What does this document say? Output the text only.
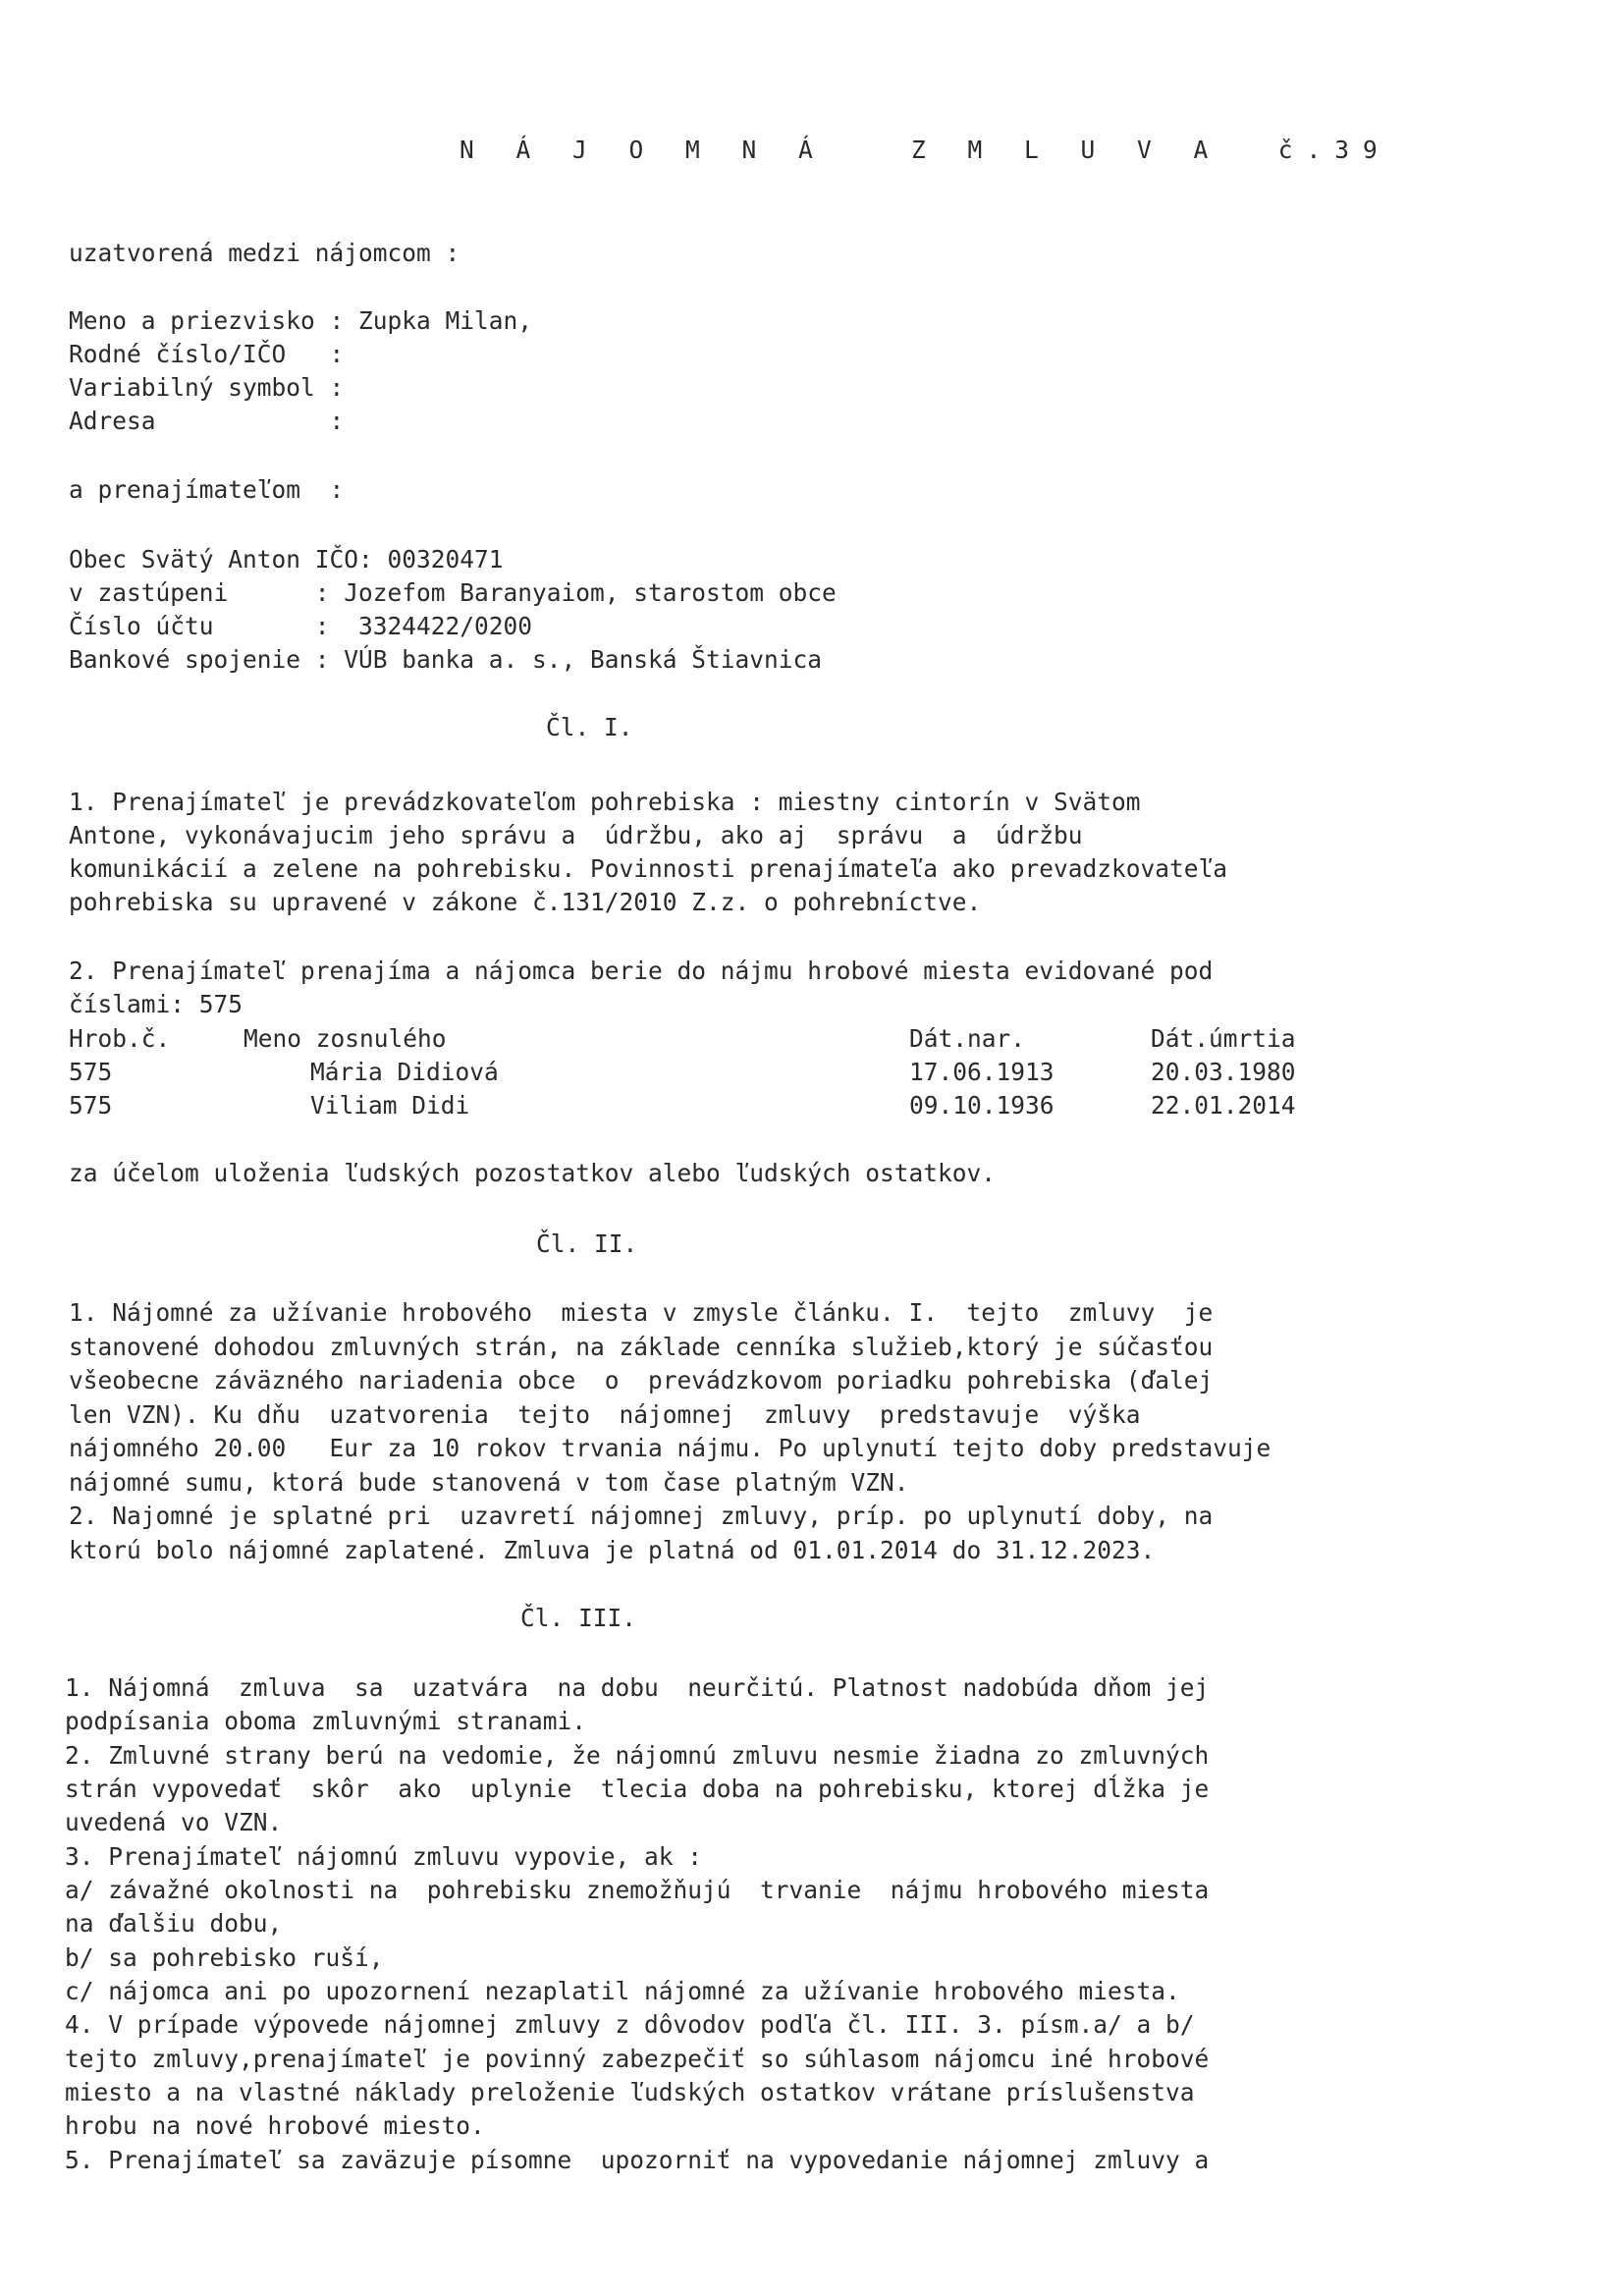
N Á J O M N Á   Z M L U V A  č.39
uzatvorená medzi nájomcom :
Meno a priezvisko : Zupka Milan,
Rodné číslo/IČO   :
Variabilný symbol :
Adresa            :
a prenajímateľom  :
Obec Svätý Anton IČO: 00320471
v zastúpeni      : Jozefom Baranyaiom, starostom obce
Číslo účtu       :  3324422/0200
Bankové spojenie : VÚB banka a. s., Banská Štiavnica
Čl. I.
1. Prenajímateľ je prevádzkovateľom pohrebiska : miestny cintorín v Svätom
Antone, vykonávajucim jeho správu a  údržbu, ako aj  správu  a  údržbu
komunikácií a zelene na pohrebisku. Povinnosti prenajímateľa ako prevadzkovateľa
pohrebiska su upravené v zákone č.131/2010 Z.z. o pohrebníctve.
2. Prenajímateľ prenajíma a nájomca berie do nájmu hrobové miesta evidované pod
číslami: 575
Hrob.č.	Meno zosnulého	Dát.nar.	Dát.úmrtia
575	Mária Didiová	17.06.1913	20.03.1980
575	Viliam Didi	09.10.1936	22.01.2014
za účelom uloženia ľudských pozostatkov alebo ľudských ostatkov.
Čl. II.
1. Nájomné za užívanie hrobového  miesta v zmysle článku. I.  tejto  zmluvy  je
stanovené dohodou zmluvných strán, na základe cenníka služieb,ktorý je súčasťou
všeobecne záväzného nariadenia obce  o  prevádzkovom poriadku pohrebiska (ďalej
len VZN). Ku dňu  uzatvorenia  tejto  nájomnej  zmluvy  predstavuje  výška
nájomného 20.00   Eur za 10 rokov trvania nájmu. Po uplynutí tejto doby predstavuje
nájomné sumu, ktorá bude stanovená v tom čase platným VZN.
2. Najomné je splatné pri  uzavretí nájomnej zmluvy, príp. po uplynutí doby, na
ktorú bolo nájomné zaplatené. Zmluva je platná od 01.01.2014 do 31.12.2023.
Čl. III.
1. Nájomná  zmluva  sa  uzatvára  na dobu  neurčitú. Platnost nadobúda dňom jej
podpísania oboma zmluvnými stranami.
2. Zmluvné strany berú na vedomie, že nájomnú zmluvu nesmie žiadna zo zmluvných
strán vypovedať  skôr  ako  uplynie  tlecia doba na pohrebisku, ktorej dĺžka je
uvedená vo VZN.
3. Prenajímateľ nájomnú zmluvu vypovie, ak :
a/ závažné okolnosti na  pohrebisku znemožňujú  trvanie  nájmu hrobového miesta
na ďalšiu dobu,
b/ sa pohrebisko ruší,
c/ nájomca ani po upozornení nezaplatil nájomné za užívanie hrobového miesta.
4. V prípade výpovede nájomnej zmluvy z dôvodov podľa čl. III. 3. písm.a/ a b/
tejto zmluvy,prenajímateľ je povinný zabezpečiť so súhlasom nájomcu iné hrobové
miesto a na vlastné náklady preloženie ľudských ostatkov vrátane príslušenstva
hrobu na nové hrobové miesto.
5. Prenajímateľ sa zaväzuje písomne  upozorniť na vypovedanie nájomnej zmluvy a
